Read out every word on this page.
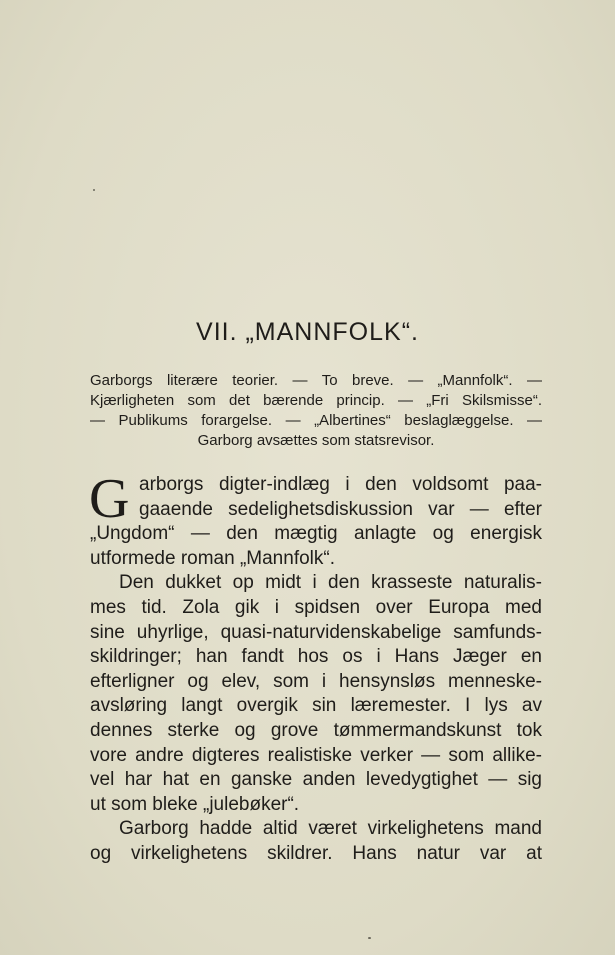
VII. „MANNFOLK“.
Garborgs literære teorier. — To breve. — „Mannfolk“. —
Kjærligheten som det bærende princip. — „Fri Skilsmisse“.
— Publikums forargelse. — „Albertines“ beslaglæggelse. —
Garborg avsættes som statsrevisor.

G arborgs digter-indlæg i den voldsomt paa-
gaaende sedelighetsdiskussion var — efter
„Ungdom“ — den mægtig anlagte og energisk
utformede roman „Mannfolk“.

Den dukket op midt i den krasseste naturalis-
mes tid. Zola gik i spidsen over Europa med
sine uhyrlige, quasi-naturvidenskabelige samfunds-
skildringer; han fandt hos os i Hans Jæger en
efterligner og elev, som i hensynsløs menneske-
avsløring langt overgik sin læremester. I lys av
dennes sterke og grove tømmermandskunst tok
vore andre digteres realistiske verker — som allike-
vel har hat en ganske anden levedygtighet — sig
ut som bleke „julebøker“.

Garborg hadde altid været virkelighetens mand
og virkelighetens skildrer. Hans natur var at
